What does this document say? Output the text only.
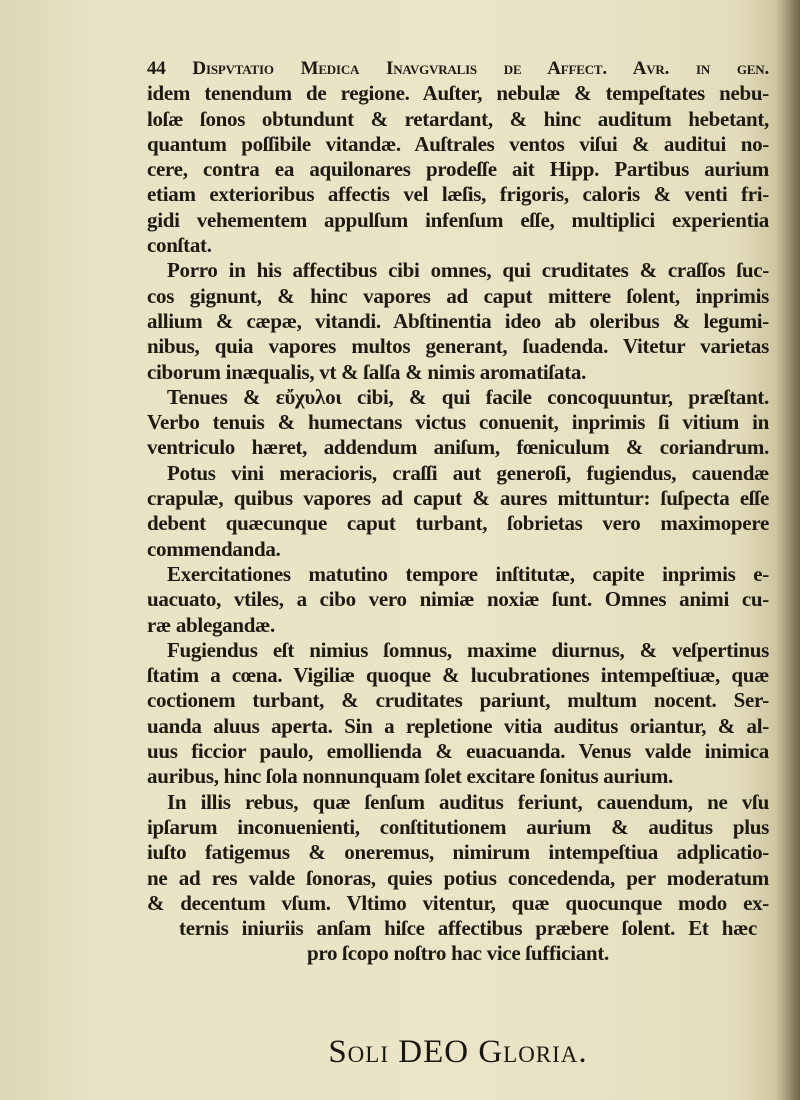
44 Dispvtatio Medica Inavgvralis de Affect. Avr. in gen.
idem tenendum de regione. Auſter, nebulæ & tempeſtates nebu-
loſæ ſonos obtundunt & retardant, & hinc auditum hebetant,
quantum poſſibile vitandæ. Auſtrales ventos viſui & auditui no-
cere, contra ea aquilonares prodeſſe ait Hipp. Partibus aurium
etiam exterioribus affectis vel læſis, frigoris, caloris & venti fri-
gidi vehementem appulſum infenſum eſſe, multiplici experientia
conſtat.
Porro in his affectibus cibi omnes, qui cruditates & craſſos ſuc-
cos gignunt, & hinc vapores ad caput mittere ſolent, inprimis
allium & cæpæ, vitandi. Abſtinentia ideo ab oleribus & legumi-
nibus, quia vapores multos generant, ſuadenda. Vitetur varietas
ciborum inæqualis, vt & ſalſa & nimis aromatiſata.
Tenues & εὔχυλοι cibi, & qui facile concoquuntur, præſtant.
Verbo tenuis & humectans victus conuenit, inprimis ſi vitium in
ventriculo hæret, addendum aniſum, fœniculum & coriandrum.
Potus vini meracioris, craſſi aut generoſi, fugiendus, cauendæ
crapulæ, quibus vapores ad caput & aures mittuntur: ſuſpecta eſſe
debent quæcunque caput turbant, ſobrietas vero maximopere
commendanda.
Exercitationes matutino tempore inſtitutæ, capite inprimis e-
uacuato, vtiles, a cibo vero nimiæ noxiæ ſunt. Omnes animi cu-
ræ ablegandæ.
Fugiendus eſt nimius ſomnus, maxime diurnus, & veſpertinus
ſtatim a cœna. Vigiliæ quoque & lucubrationes intempeſtiuæ, quæ
coctionem turbant, & cruditates pariunt, multum nocent. Ser-
uanda aluus aperta. Sin a repletione vitia auditus oriantur, & al-
uus ficcior paulo, emollienda & euacuanda. Venus valde inimica
auribus, hinc ſola nonnunquam ſolet excitare ſonitus aurium.
In illis rebus, quæ ſenſum auditus feriunt, cauendum, ne vſu
ipſarum inconuenienti, conſtitutionem aurium & auditus plus
iuſto fatigemus & oneremus, nimirum intempeſtiua adplicatio-
ne ad res valde ſonoras, quies potius concedenda, per moderatum
& decentum vſum. Vltimo vitentur, quæ quocunque modo ex-
ternis iniuriis anſam hiſce affectibus præbere ſolent. Et hæc
pro ſcopo noſtro hac vice ſufficiant.
Soli DEO Gloria.
